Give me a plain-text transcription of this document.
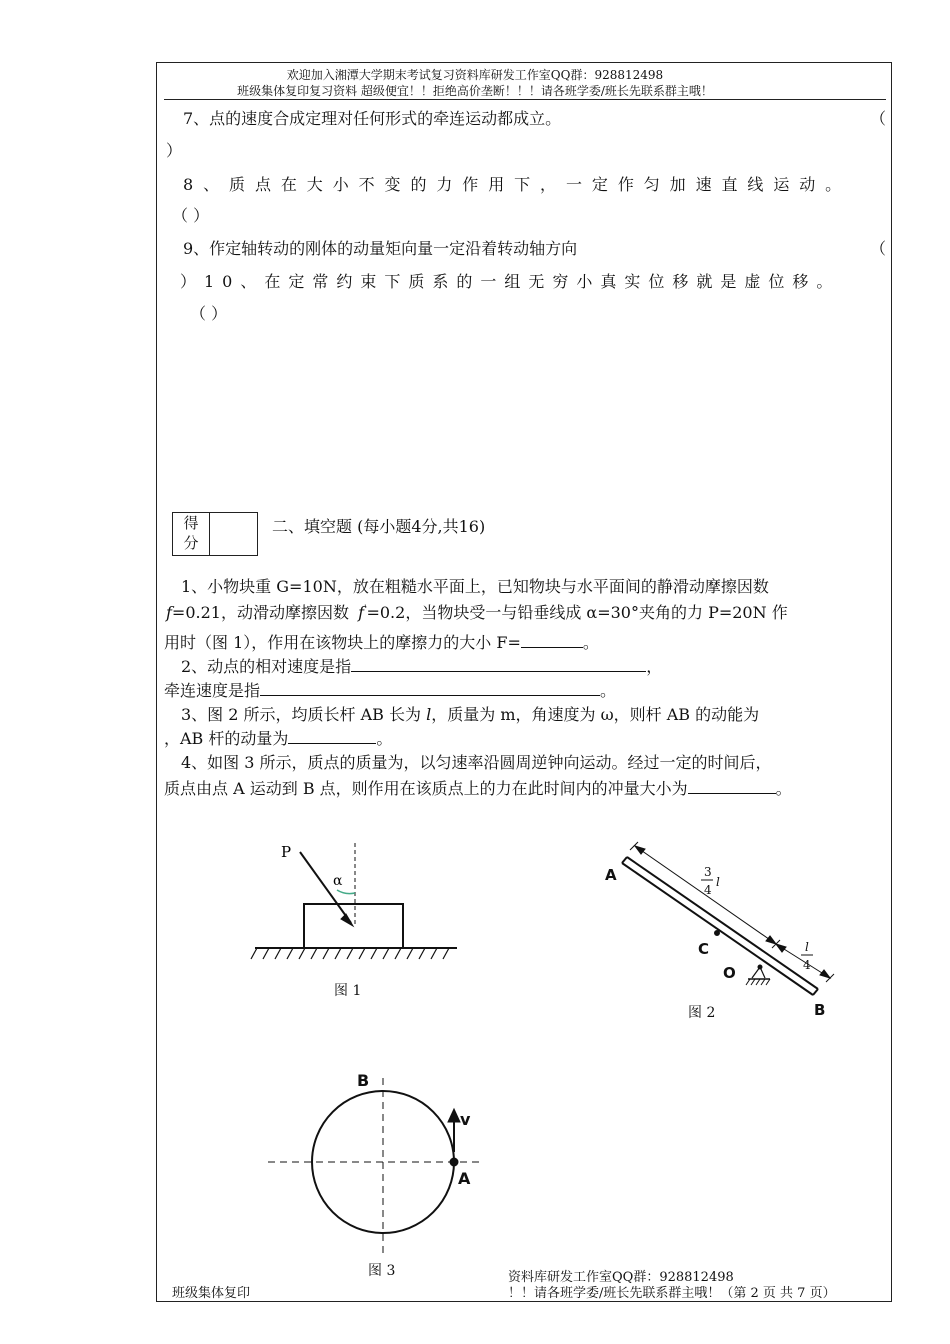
欢迎加入湘潭大学期末考试复习资料库研发工作室QQ群：928812498
班级集体复印复习资料 超级便宜！！拒绝高价垄断！！！请各班学委/班长先联系群主哦！
7、点的速度合成定理对任何形式的牵连运动都成立。	（
）
8、质点在大小不变的力作用下，一定作匀加速直线运动。
（ ）
9、作定轴转动的刚体的动量矩向量一定沿着转动轴方向	（
）10、在定常约束下质系的一组无穷小真实位移就是虚位移。
（ ）
得
分
二、填空题 (每小题4分,共16)
1、小物块重 G=10N，放在粗糙水平面上，已知物块与水平面间的静滑动摩擦因数
f=0.21，动滑动摩擦因数 f'=0.2，当物块受一与铅垂线成 α=30°夹角的力 P=20N 作
用时（图 1），作用在该物块上的摩擦力的大小 F=	。
2、动点的相对速度是指	，
牵连速度是指	。
3、图 2 所示，均质长杆 AB 长为 l，质量为 m，角速度为 ω，则杆 AB 的动能为
，AB 杆的动量为	。
4、如图 3 所示，质点的质量为，以匀速率沿圆周逆钟向运动。经过一定的时间后，
质点由点 A 运动到 B 点，则作用在该质点上的力在此时间内的冲量大小为	。
P
α
图 1
A
B
C
O
3
4
l
l
4
图 2
B
A
v
图 3
班级集体复印
资料库研发工作室QQ群：928812498
！！请各班学委/班长先联系群主哦！（第 2 页 共 7 页）
